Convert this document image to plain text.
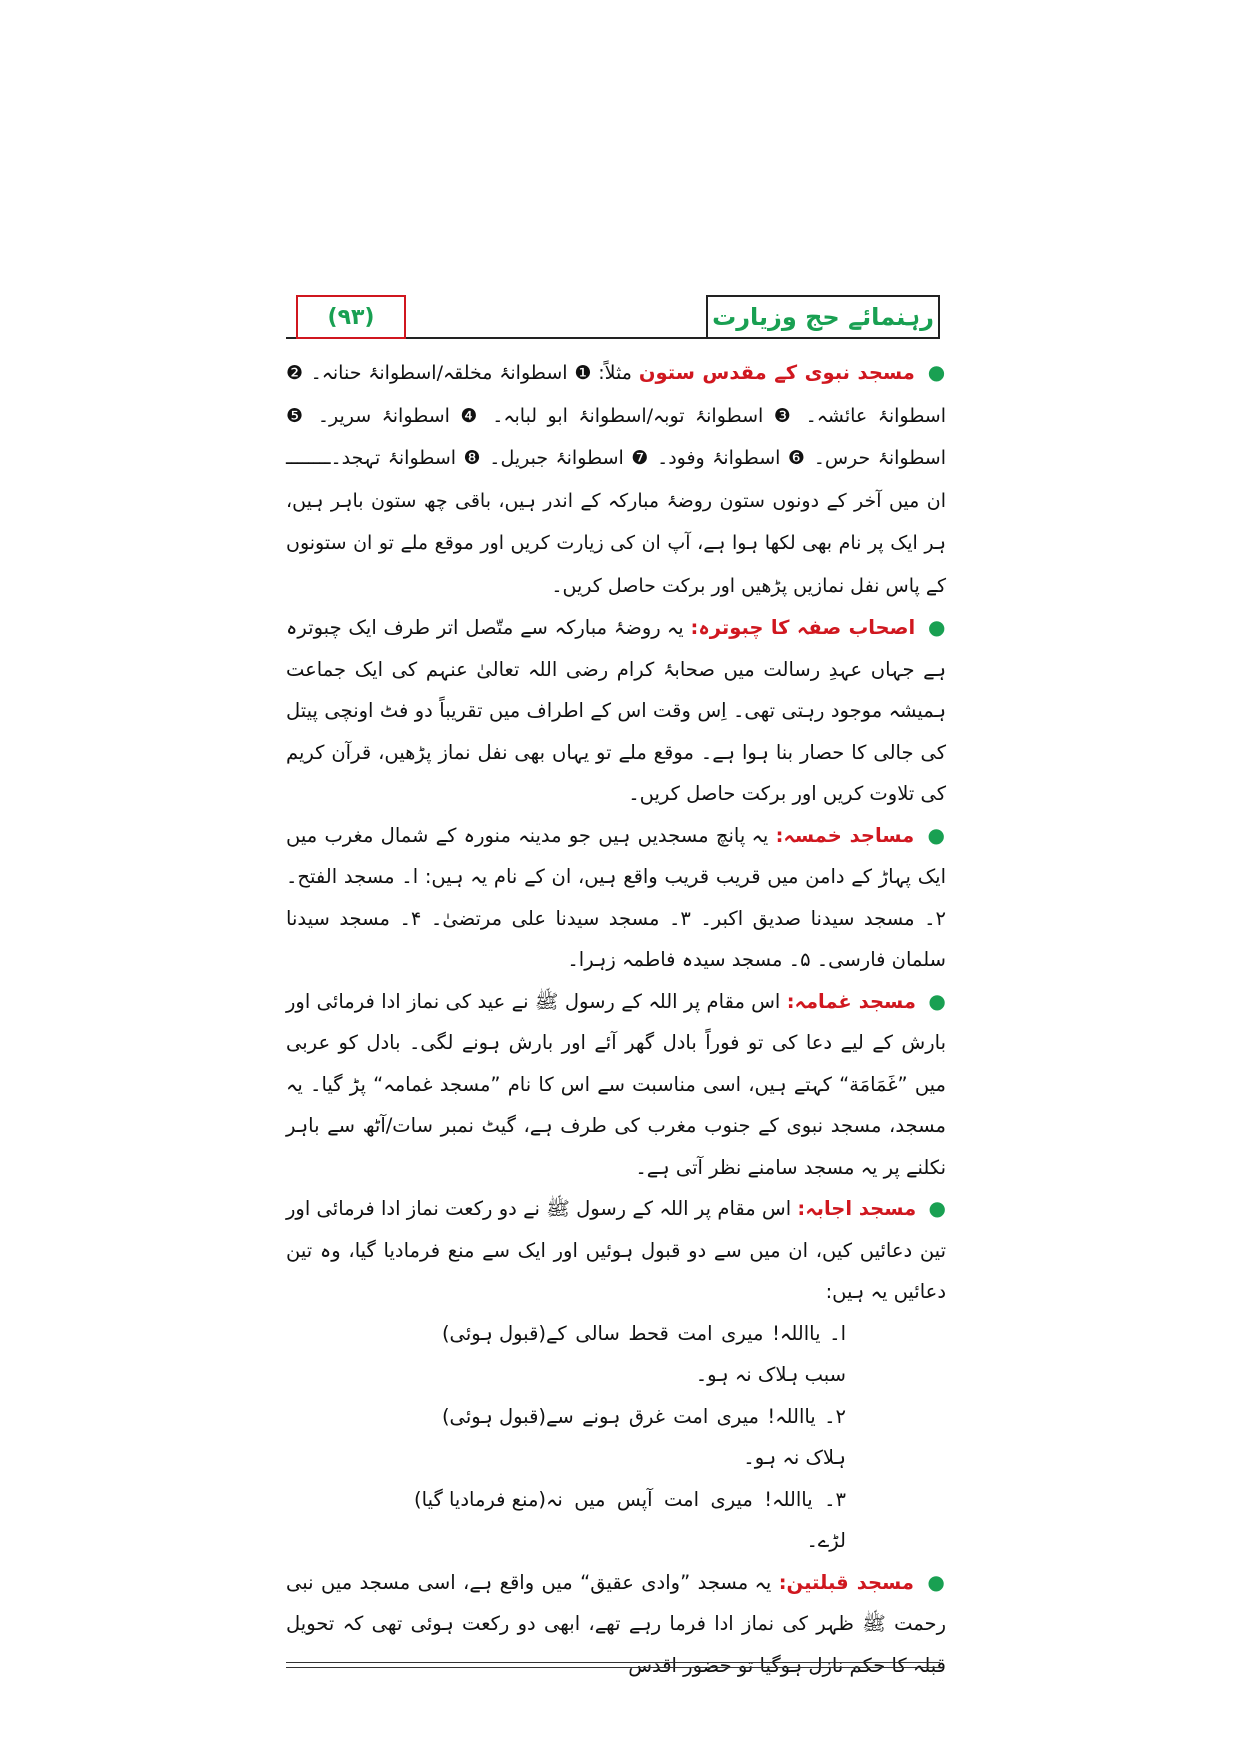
(۹۳)	رہنمائے حج وزیارت

● مسجد نبوی کے مقدس ستون مثلاً: ❶ اسطوانۂ مخلقہ/اسطوانۂ حنانہ۔ ❷ اسطوانۂ عائشہ۔ ❸ اسطوانۂ توبہ/اسطوانۂ ابو لبابہ۔ ❹ اسطوانۂ سریر۔ ❺ اسطوانۂ حرس۔ ❻ اسطوانۂ وفود۔ ❼ اسطوانۂ جبریل۔ ❽ اسطوانۂ تہجد۔ــــــــ ان میں آخر کے دونوں ستون روضۂ مبارکہ کے اندر ہیں، باقی چھ ستون باہر ہیں، ہر ایک پر نام بھی لکھا ہوا ہے، آپ ان کی زیارت کریں اور موقع ملے تو ان ستونوں کے پاس نفل نمازیں پڑھیں اور برکت حاصل کریں۔

● اصحاب صفہ کا چبوترہ: یہ روضۂ مبارکہ سے متّصل اتر طرف ایک چبوترہ ہے جہاں عہدِ رسالت میں صحابۂ کرام رضی اللہ تعالیٰ عنہم کی ایک جماعت ہمیشہ موجود رہتی تھی۔ اِس وقت اس کے اطراف میں تقریباً دو فٹ اونچی پیتل کی جالی کا حصار بنا ہوا ہے۔ موقع ملے تو یہاں بھی نفل نماز پڑھیں، قرآن کریم کی تلاوت کریں اور برکت حاصل کریں۔

● مساجد خمسہ: یہ پانچ مسجدیں ہیں جو مدینہ منورہ کے شمال مغرب میں ایک پہاڑ کے دامن میں قریب قریب واقع ہیں، ان کے نام یہ ہیں: ا۔ مسجد الفتح۔ ۲۔ مسجد سیدنا صدیق اکبر۔ ۳۔ مسجد سیدنا علی مرتضیٰ۔ ۴۔ مسجد سیدنا سلمان فارسی۔ ۵۔ مسجد سیدہ فاطمہ زہرا۔

● مسجد غمامہ: اس مقام پر اللہ کے رسول ﷺ نے عید کی نماز ادا فرمائی اور بارش کے لیے دعا کی تو فوراً بادل گھر آئے اور بارش ہونے لگی۔ بادل کو عربی میں ”غَمَامَة“ کہتے ہیں، اسی مناسبت سے اس کا نام ”مسجد غمامہ“ پڑ گیا۔ یہ مسجد، مسجد نبوی کے جنوب مغرب کی طرف ہے، گیٹ نمبر سات/آٹھ سے باہر نکلنے پر یہ مسجد سامنے نظر آتی ہے۔

● مسجد اجابہ: اس مقام پر اللہ کے رسول ﷺ نے دو رکعت نماز ادا فرمائی اور تین دعائیں کیں، ان میں سے دو قبول ہوئیں اور ایک سے منع فرمادیا گیا، وہ تین دعائیں یہ ہیں:

ا۔ یااللہ! میری امت قحط سالی کے سبب ہلاک نہ ہو۔
(قبول ہوئی)
۲۔ یااللہ! میری امت غرق ہونے سے ہلاک نہ ہو۔
(قبول ہوئی)
۳۔ یااللہ! میری امت آپس میں نہ لڑے۔
(منع فرمادیا گیا)

● مسجد قبلتین: یہ مسجد ”وادی عقیق“ میں واقع ہے، اسی مسجد میں نبی رحمت ﷺ ظہر کی نماز ادا فرما رہے تھے، ابھی دو رکعت ہوئی تھی کہ تحویل قبلہ کا حکم نازل ہوگیا تو حضور اقدس
